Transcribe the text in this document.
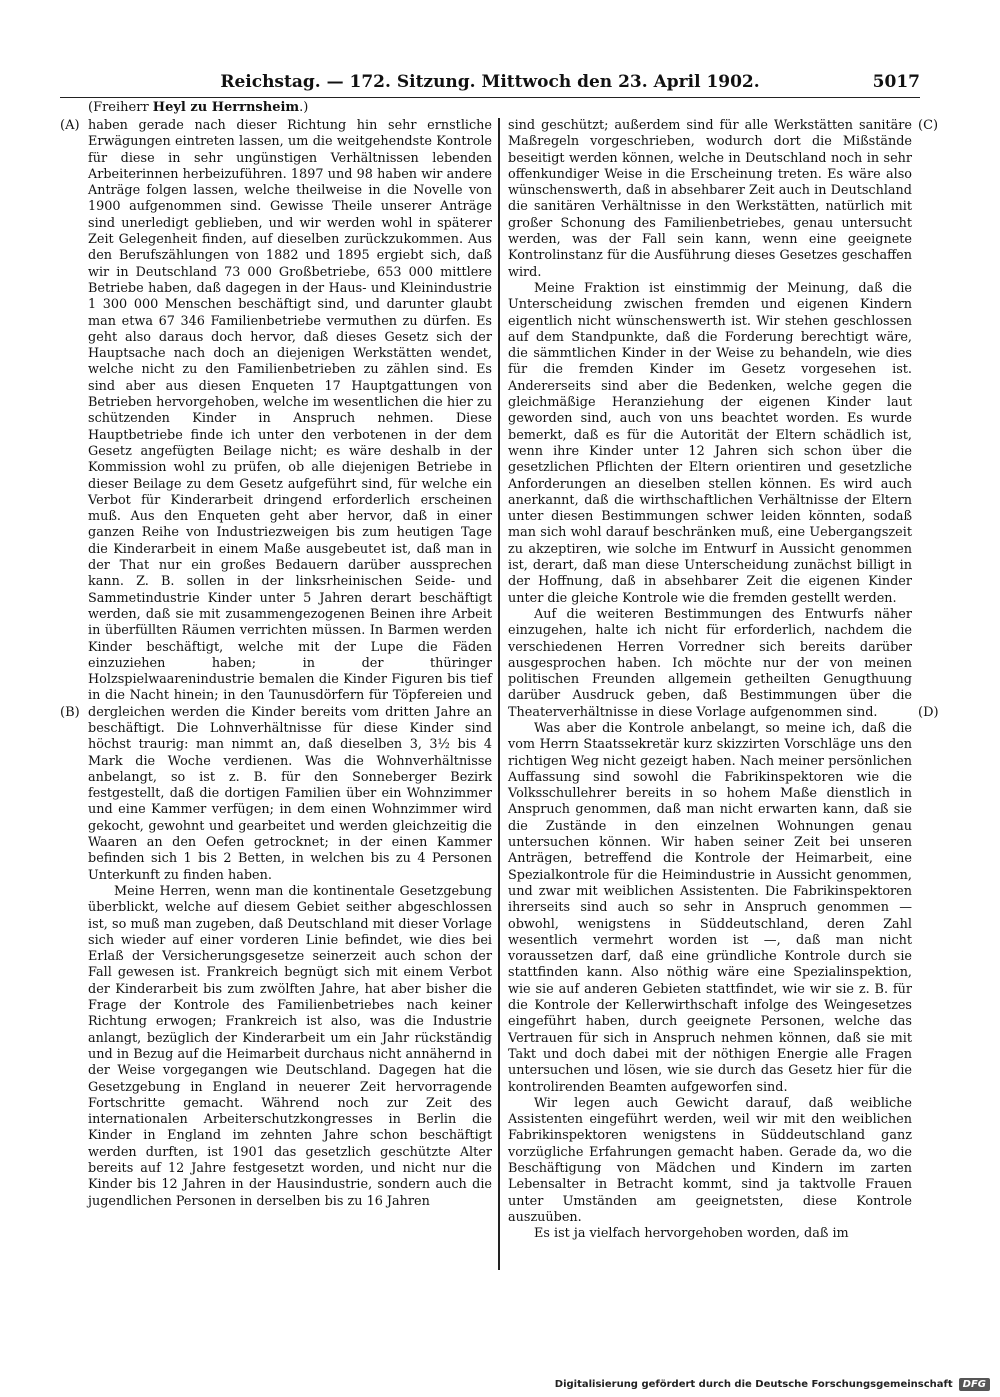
Reichstag. — 172. Sitzung. Mittwoch den 23. April 1902.	5017
(Freiherr Heyl zu Herrnsheim.)
(A)
(B)
(C)
(D)

haben gerade nach dieser Richtung hin sehr ernstliche Erwägungen eintreten lassen, um die weitgehendste Kontrole für diese in sehr ungünstigen Verhältnissen lebenden Arbeiterinnen herbeizuführen. 1897 und 98 haben wir andere Anträge folgen lassen, welche theilweise in die Novelle von 1900 aufgenommen sind. Gewisse Theile unserer Anträge sind unerledigt geblieben, und wir werden wohl in späterer Zeit Gelegenheit finden, auf dieselben zurückzukommen. Aus den Berufszählungen von 1882 und 1895 ergiebt sich, daß wir in Deutschland 73 000 Großbetriebe, 653 000 mittlere Betriebe haben, daß dagegen in der Haus- und Kleinindustrie 1 300 000 Menschen beschäftigt sind, und darunter glaubt man etwa 67 346 Familienbetriebe vermuthen zu dürfen. Es geht also daraus doch hervor, daß dieses Gesetz sich der Hauptsache nach doch an diejenigen Werkstätten wendet, welche nicht zu den Familienbetrieben zu zählen sind. Es sind aber aus diesen Enqueten 17 Hauptgattungen von Betrieben hervorgehoben, welche im wesentlichen die hier zu schützenden Kinder in Anspruch nehmen. Diese Hauptbetriebe finde ich unter den verbotenen in der dem Gesetz angefügten Beilage nicht; es wäre deshalb in der Kommission wohl zu prüfen, ob alle diejenigen Betriebe in dieser Beilage zu dem Gesetz aufgeführt sind, für welche ein Verbot für Kinderarbeit dringend erforderlich erscheinen muß. Aus den Enqueten geht aber hervor, daß in einer ganzen Reihe von Industriezweigen bis zum heutigen Tage die Kinderarbeit in einem Maße ausgebeutet ist, daß man in der That nur ein großes Bedauern darüber aussprechen kann. Z. B. sollen in der linksrheinischen Seide- und Sammetindustrie Kinder unter 5 Jahren derart beschäftigt werden, daß sie mit zusammengezogenen Beinen ihre Arbeit in überfüllten Räumen verrichten müssen. In Barmen werden Kinder beschäftigt, welche mit der Lupe die Fäden einzuziehen haben; in der thüringer Holzspielwaarenindustrie bemalen die Kinder Figuren bis tief in die Nacht hinein; in den Taunusdörfern für Töpfereien und dergleichen werden die Kinder bereits vom dritten Jahre an beschäftigt. Die Lohnverhältnisse für diese Kinder sind höchst traurig: man nimmt an, daß dieselben 3, 3½ bis 4 Mark die Woche verdienen. Was die Wohnverhältnisse anbelangt, so ist z. B. für den Sonneberger Bezirk festgestellt, daß die dortigen Familien über ein Wohnzimmer und eine Kammer verfügen; in dem einen Wohnzimmer wird gekocht, gewohnt und gearbeitet und werden gleichzeitig die Waaren an den Oefen getrocknet; in der einen Kammer befinden sich 1 bis 2 Betten, in welchen bis zu 4 Personen Unterkunft zu finden haben.

Meine Herren, wenn man die kontinentale Gesetzgebung überblickt, welche auf diesem Gebiet seither abgeschlossen ist, so muß man zugeben, daß Deutschland mit dieser Vorlage sich wieder auf einer vorderen Linie befindet, wie dies bei Erlaß der Versicherungsgesetze seinerzeit auch schon der Fall gewesen ist. Frankreich begnügt sich mit einem Verbot der Kinderarbeit bis zum zwölften Jahre, hat aber bisher die Frage der Kontrole des Familienbetriebes nach keiner Richtung erwogen; Frankreich ist also, was die Industrie anlangt, bezüglich der Kinderarbeit um ein Jahr rückständig und in Bezug auf die Heimarbeit durchaus nicht annähernd in der Weise vorgegangen wie Deutschland. Dagegen hat die Gesetzgebung in England in neuerer Zeit hervorragende Fortschritte gemacht. Während noch zur Zeit des internationalen Arbeiterschutzkongresses in Berlin die Kinder in England im zehnten Jahre schon beschäftigt werden durften, ist 1901 das gesetzlich geschützte Alter bereits auf 12 Jahre festgesetzt worden, und nicht nur die Kinder bis 12 Jahren in der Hausindustrie, sondern auch die jugendlichen Personen in derselben bis zu 16 Jahren

sind geschützt; außerdem sind für alle Werkstätten sanitäre Maßregeln vorgeschrieben, wodurch dort die Mißstände beseitigt werden können, welche in Deutschland noch in sehr offenkundiger Weise in die Erscheinung treten. Es wäre also wünschenswerth, daß in absehbarer Zeit auch in Deutschland die sanitären Verhältnisse in den Werkstätten, natürlich mit großer Schonung des Familienbetriebes, genau untersucht werden, was der Fall sein kann, wenn eine geeignete Kontrolinstanz für die Ausführung dieses Gesetzes geschaffen wird.

Meine Fraktion ist einstimmig der Meinung, daß die Unterscheidung zwischen fremden und eigenen Kindern eigentlich nicht wünschenswerth ist. Wir stehen geschlossen auf dem Standpunkte, daß die Forderung berechtigt wäre, die sämmtlichen Kinder in der Weise zu behandeln, wie dies für die fremden Kinder im Gesetz vorgesehen ist. Andererseits sind aber die Bedenken, welche gegen die gleichmäßige Heranziehung der eigenen Kinder laut geworden sind, auch von uns beachtet worden. Es wurde bemerkt, daß es für die Autorität der Eltern schädlich ist, wenn ihre Kinder unter 12 Jahren sich schon über die gesetzlichen Pflichten der Eltern orientiren und gesetzliche Anforderungen an dieselben stellen können. Es wird auch anerkannt, daß die wirthschaftlichen Verhältnisse der Eltern unter diesen Bestimmungen schwer leiden könnten, sodaß man sich wohl darauf beschränken muß, eine Uebergangszeit zu akzeptiren, wie solche im Entwurf in Aussicht genommen ist, derart, daß man diese Unterscheidung zunächst billigt in der Hoffnung, daß in absehbarer Zeit die eigenen Kinder unter die gleiche Kontrole wie die fremden gestellt werden.

Auf die weiteren Bestimmungen des Entwurfs näher einzugehen, halte ich nicht für erforderlich, nachdem die verschiedenen Herren Vorredner sich bereits darüber ausgesprochen haben. Ich möchte nur der von meinen politischen Freunden allgemein getheilten Genugthuung darüber Ausdruck geben, daß Bestimmungen über die Theaterverhältnisse in diese Vorlage aufgenommen sind.

Was aber die Kontrole anbelangt, so meine ich, daß die vom Herrn Staatssekretär kurz skizzirten Vorschläge uns den richtigen Weg nicht gezeigt haben. Nach meiner persönlichen Auffassung sind sowohl die Fabrikinspektoren wie die Volksschullehrer bereits in so hohem Maße dienstlich in Anspruch genommen, daß man nicht erwarten kann, daß sie die Zustände in den einzelnen Wohnungen genau untersuchen können. Wir haben seiner Zeit bei unseren Anträgen, betreffend die Kontrole der Heimarbeit, eine Spezialkontrole für die Heimindustrie in Aussicht genommen, und zwar mit weiblichen Assistenten. Die Fabrikinspektoren ihrerseits sind auch so sehr in Anspruch genommen — obwohl, wenigstens in Süddeutschland, deren Zahl wesentlich vermehrt worden ist —, daß man nicht voraussetzen darf, daß eine gründliche Kontrole durch sie stattfinden kann. Also nöthig wäre eine Spezialinspektion, wie sie auf anderen Gebieten stattfindet, wie wir sie z. B. für die Kontrole der Kellerwirthschaft infolge des Weingesetzes eingeführt haben, durch geeignete Personen, welche das Vertrauen für sich in Anspruch nehmen können, daß sie mit Takt und doch dabei mit der nöthigen Energie alle Fragen untersuchen und lösen, wie sie durch das Gesetz hier für die kontrolirenden Beamten aufgeworfen sind.

Wir legen auch Gewicht darauf, daß weibliche Assistenten eingeführt werden, weil wir mit den weiblichen Fabrikinspektoren wenigstens in Süddeutschland ganz vorzügliche Erfahrungen gemacht haben. Gerade da, wo die Beschäftigung von Mädchen und Kindern im zarten Lebensalter in Betracht kommt, sind ja taktvolle Frauen unter Umständen am geeignetsten, diese Kontrole auszuüben.

Es ist ja vielfach hervorgehoben worden, daß im

Digitalisierung gefördert durch die Deutsche Forschungsgemeinschaft	DFG
